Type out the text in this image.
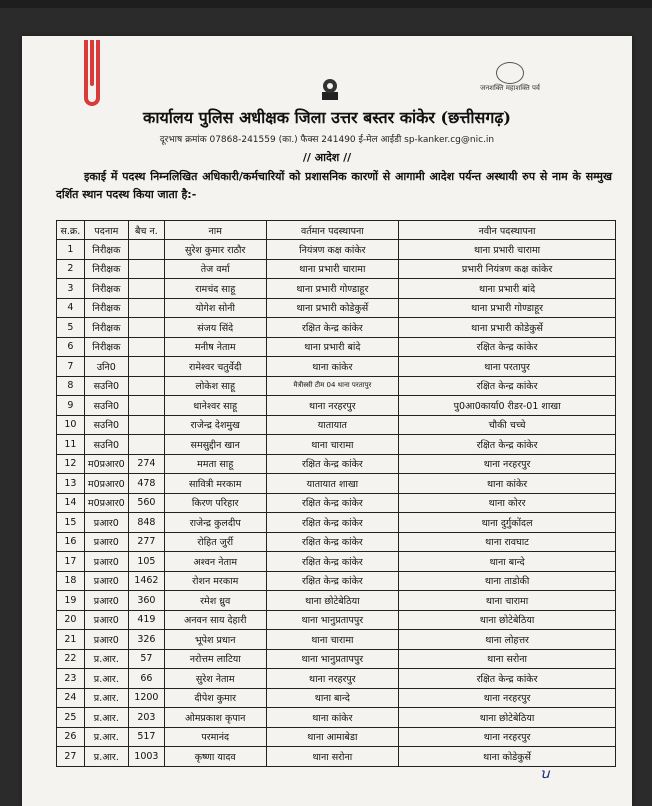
जनशक्ति महाशक्ति पर्व
कार्यालय पुलिस अधीक्षक जिला उत्तर बस्तर कांकेर (छत्तीसगढ़)
दूरभाष क्रमांक 07868-241559 (का.) फैक्स 241490 ई-मेल आईडी sp-kanker.cg@nic.in
// आदेश //
इकाई में पदस्थ निम्नलिखित अधिकारी/कर्मचारियों को प्रशासनिक कारणों से आगामी आदेश पर्यन्त अस्थायी रुप से नाम के सम्मुख दर्शित स्थान पदस्थ किया जाता है:-
स.क्र.	पदनाम	बैच न.	नाम	वर्तमान पदस्थापना	नवीन पदस्थापना
1	निरीक्षक		सुरेश कुमार राठौर	नियंत्रण कक्ष कांकेर	थाना प्रभारी चारामा
2	निरीक्षक		तेज वर्मा	थाना प्रभारी चारामा	प्रभारी नियंत्रण कक्ष कांकेर
3	निरीक्षक		रामचंद साहू	थाना प्रभारी गोण्डाहूर	थाना प्रभारी बांदे
4	निरीक्षक		योगेश सोनी	थाना प्रभारी कोडेकुर्से	थाना प्रभारी गोण्डाहूर
5	निरीक्षक		संजय सिंदे	रक्षित केन्द्र कांकेर	थाना प्रभारी कोडेकुर्से
6	निरीक्षक		मनीष नेताम	थाना प्रभारी बांदे	रक्षित केन्द्र कांकेर
7	उनि0		रामेश्वर चतुर्वेदी	थाना कांकेर	थाना परतापुर
8	सउनि0		लोकेश साहू	मैत्रीस्सी टीम 04 थाना परतापुर	रक्षित केन्द्र कांकेर
9	सउनि0		धानेश्वर साहू	थाना नरहरपुर	पु0आ0कार्या0 रीडर-01 शाखा
10	सउनि0		राजेन्द्र देशमुख	यातायात	चौकी चच्चे
11	सउनि0		समसुद्दीन खान	थाना चारामा	रक्षित केन्द्र कांकेर
12	म0प्रआर0	274	ममता साहू	रक्षित केन्द्र कांकेर	थाना नरहरपुर
13	म0प्रआर0	478	सावित्री मरकाम	यातायात शाखा	थाना कांकेर
14	म0प्रआर0	560	किरण परिहार	रक्षित केन्द्र कांकेर	थाना कोरर
15	प्रआर0	848	राजेन्द्र कुलदीप	रक्षित केन्द्र कांकेर	थाना दुर्गुकोंदल
16	प्रआर0	277	रोहित जुर्री	रक्षित केन्द्र कांकेर	थाना रावघाट
17	प्रआर0	105	अश्वन नेताम	रक्षित केन्द्र कांकेर	थाना बान्दे
18	प्रआर0	1462	रोशन मरकाम	रक्षित केन्द्र कांकेर	थाना ताडोकी
19	प्रआर0	360	रमेश ध्रुव	थाना छोटेबेठिया	थाना चारामा
20	प्रआर0	419	अनवन साय देहारी	थाना भानुप्रतापपुर	थाना छोटेबेठिया
21	प्रआर0	326	भूपेश प्रधान	थाना चारामा	थाना लोहत्तर
22	प्र.आर.	57	नरोत्तम लाटिया	थाना भानुप्रतापपुर	थाना सरोना
23	प्र.आर.	66	सुरेश नेताम	थाना नरहरपुर	रक्षित केन्द्र कांकेर
24	प्र.आर.	1200	दीपेश कुमार	थाना बान्दे	थाना नरहरपुर
25	प्र.आर.	203	ओमप्रकाश कृपान	थाना कांकेर	थाना छोटेबेठिया
26	प्र.आर.	517	परमानंद	थाना आमाबेडा	थाना नरहरपुर
27	प्र.आर.	1003	कृष्णा यादव	थाना सरोना	थाना कोडेकुर्से
ꭒ
